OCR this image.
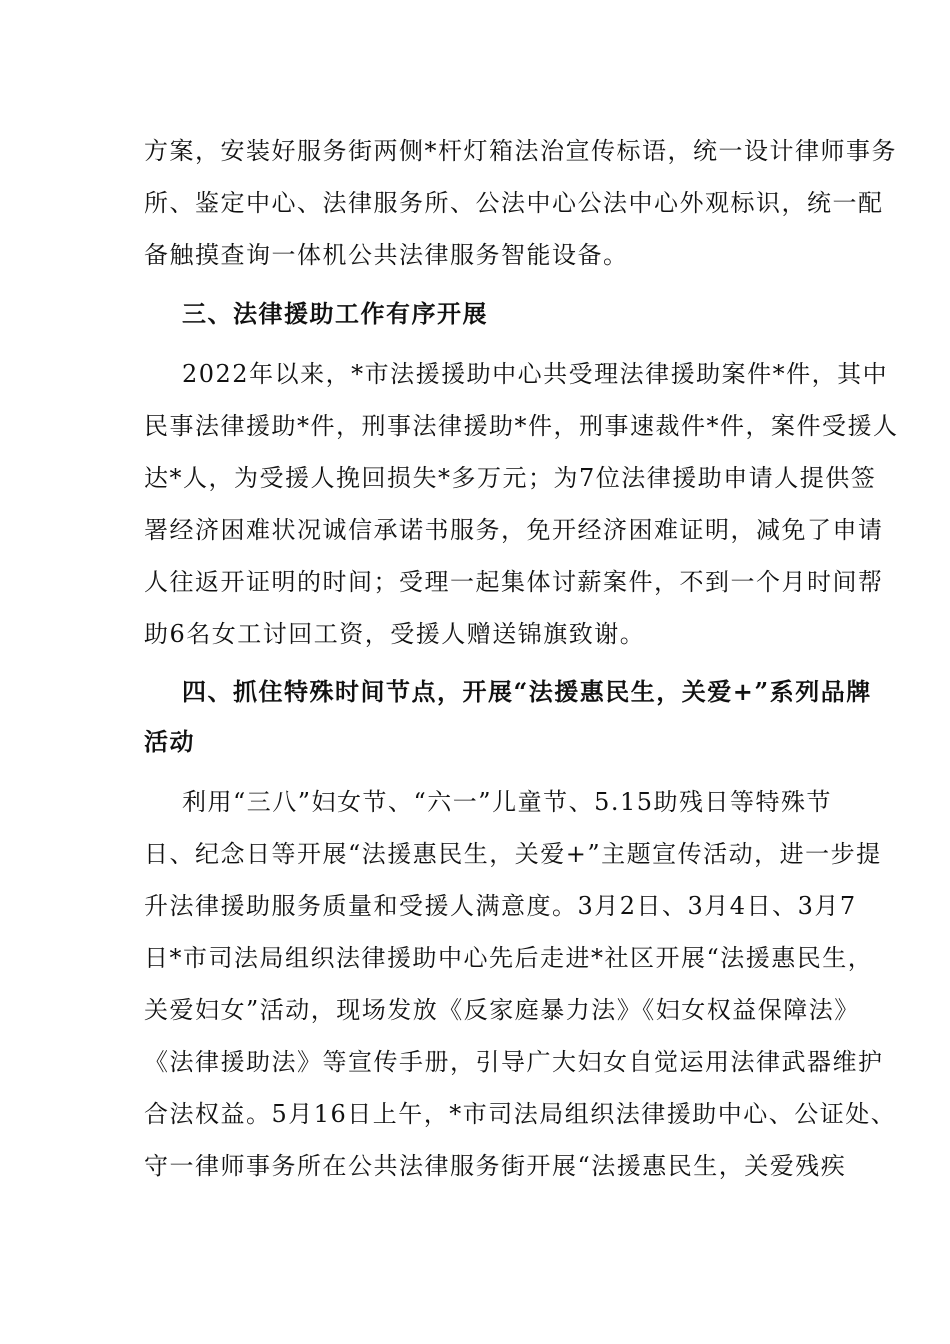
方案，安装好服务街两侧*杆灯箱法治宣传标语，统一设计律师事务
所、鉴定中心、法律服务所、公法中心公法中心外观标识，统一配
备触摸查询一体机公共法律服务智能设备。
三、法律援助工作有序开展
2022年以来，*市法援援助中心共受理法律援助案件*件，其中
民事法律援助*件，刑事法律援助*件，刑事速裁件*件，案件受援人
达*人，为受援人挽回损失*多万元；为7位法律援助申请人提供签
署经济困难状况诚信承诺书服务，免开经济困难证明，减免了申请
人往返开证明的时间；受理一起集体讨薪案件，不到一个月时间帮
助6名女工讨回工资，受援人赠送锦旗致谢。
四、抓住特殊时间节点，开展“法援惠民生，关爱+”系列品牌
活动
利用“三八”妇女节、“六一”儿童节、5.15助残日等特殊节
日、纪念日等开展“法援惠民生，关爱+”主题宣传活动，进一步提
升法律援助服务质量和受援人满意度。3月2日、3月4日、3月7
日*市司法局组织法律援助中心先后走进*社区开展“法援惠民生，
关爱妇女”活动，现场发放《反家庭暴力法》《妇女权益保障法》
《法律援助法》等宣传手册，引导广大妇女自觉运用法律武器维护
合法权益。5月16日上午，*市司法局组织法律援助中心、公证处、
守一律师事务所在公共法律服务街开展“法援惠民生，关爱残疾
